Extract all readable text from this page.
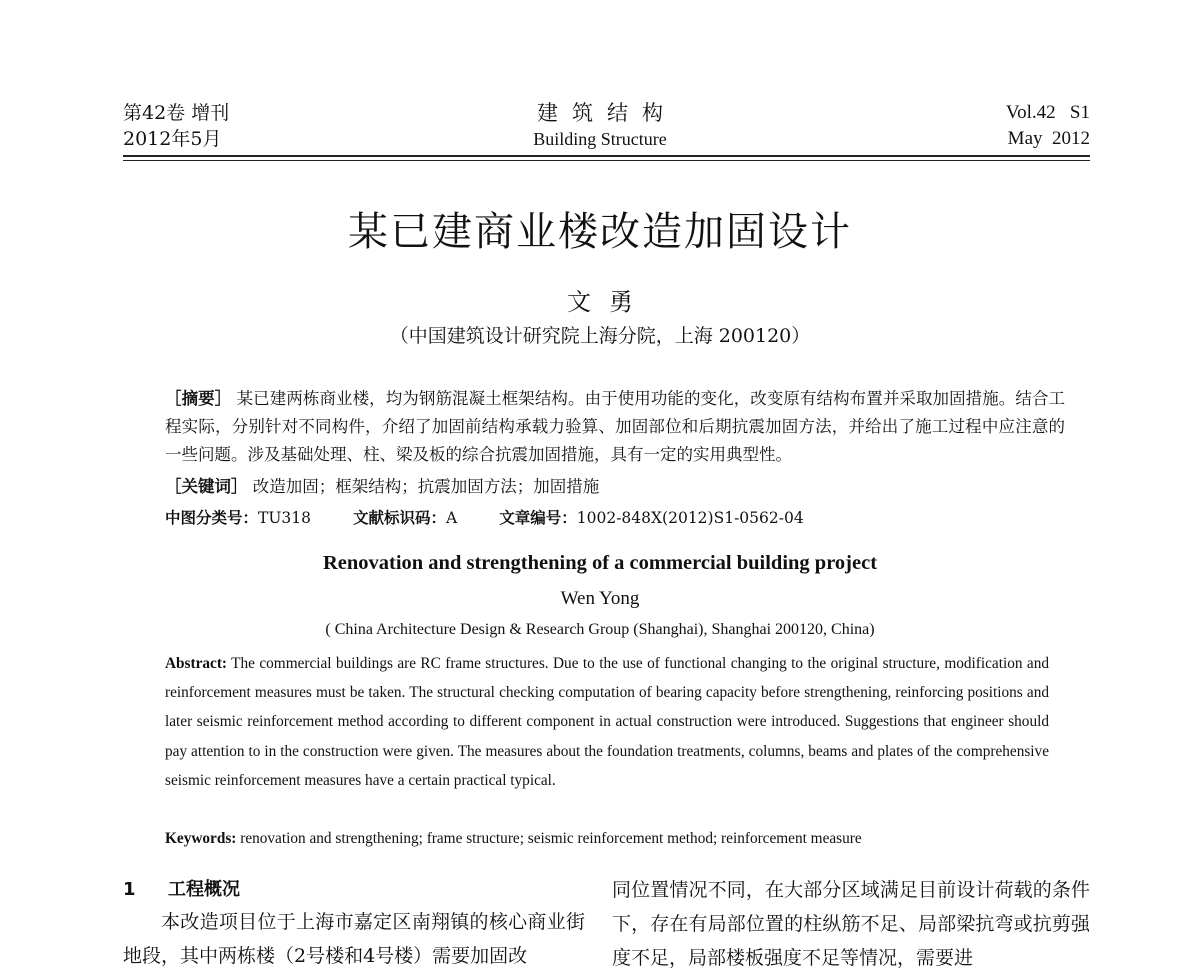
第42卷 增刊
2012年5月
建筑结构
Building Structure
Vol.42   S1
May  2012
某已建商业楼改造加固设计
文勇
（中国建筑设计研究院上海分院，上海 200120）
［摘要］ 某已建两栋商业楼，均为钢筋混凝土框架结构。由于使用功能的变化，改变原有结构布置并采取加固措施。结合工程实际，分别针对不同构件，介绍了加固前结构承载力验算、加固部位和后期抗震加固方法，并给出了施工过程中应注意的一些问题。涉及基础处理、柱、梁及板的综合抗震加固措施，具有一定的实用典型性。
［关键词］ 改造加固；框架结构；抗震加固方法；加固措施
中图分类号：TU318	文献标识码：A	文章编号：1002-848X(2012)S1-0562-04
Renovation and strengthening of a commercial building project
Wen Yong
( China Architecture Design & Research Group (Shanghai), Shanghai 200120, China)
Abstract: The commercial buildings are RC frame structures. Due to the use of functional changing to the original structure, modification and reinforcement measures must be taken. The structural checking computation of bearing capacity before strengthening, reinforcing positions and later seismic reinforcement method according to different component in actual construction were introduced. Suggestions that engineer should pay attention to in the construction were given. The measures about the foundation treatments, columns, beams and plates of the comprehensive seismic reinforcement measures have a certain practical typical.
Keywords: renovation and strengthening; frame structure; seismic reinforcement method; reinforcement measure
1 工程概况
本改造项目位于上海市嘉定区南翔镇的核心商业街地段，其中两栋楼（2号楼和4号楼）需要加固改
同位置情况不同，在大部分区域满足目前设计荷载的条件下，存在有局部位置的柱纵筋不足、局部梁抗弯或抗剪强度不足，局部楼板强度不足等情况，需要进
